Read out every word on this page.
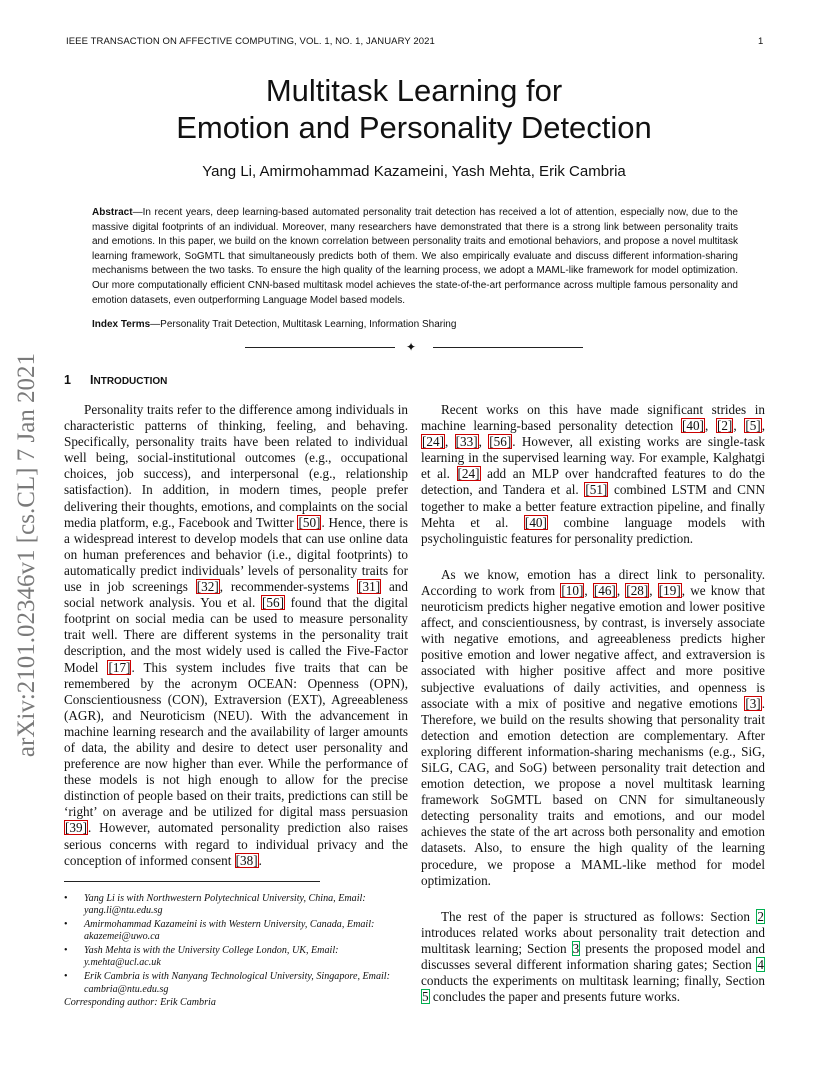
IEEE TRANSACTION ON AFFECTIVE COMPUTING, VOL. 1, NO. 1, JANUARY 2021	1
Multitask Learning for
Emotion and Personality Detection
Yang Li, Amirmohammad Kazameini, Yash Mehta, Erik Cambria
Abstract—In recent years, deep learning-based automated personality trait detection has received a lot of attention, especially now, due to the massive digital footprints of an individual. Moreover, many researchers have demonstrated that there is a strong link between personality traits and emotions. In this paper, we build on the known correlation between personality traits and emotional behaviors, and propose a novel multitask learning framework, SoGMTL that simultaneously predicts both of them. We also empirically evaluate and discuss different information-sharing mechanisms between the two tasks. To ensure the high quality of the learning process, we adopt a MAML-like framework for model optimization. Our more computationally efficient CNN-based multitask model achieves the state-of-the-art performance across multiple famous personality and emotion datasets, even outperforming Language Model based models.
Index Terms—Personality Trait Detection, Multitask Learning, Information Sharing
✦
arXiv:2101.02346v1 [cs.CL] 7 Jan 2021	1 INTRODUCTION

Personality traits refer to the difference among individuals in characteristic patterns of thinking, feeling, and behaving. Specifically, personality traits have been related to individual well being, social-institutional outcomes (e.g., occupational choices, job success), and interpersonal (e.g., relationship satisfaction). In addition, in modern times, people prefer delivering their thoughts, emotions, and complaints on the social media platform, e.g., Facebook and Twitter [50]. Hence, there is a widespread interest to develop models that can use online data on human preferences and behavior (i.e., digital footprints) to automatically predict individuals’ levels of personality traits for use in job screenings [32], recommender-systems [31] and social network analysis. You et al. [56] found that the digital footprint on social media can be used to measure personality trait well. There are different systems in the personality trait description, and the most widely used is called the Five-Factor Model [17]. This system includes five traits that can be remembered by the acronym OCEAN: Openness (OPN), Conscientiousness (CON), Extraversion (EXT), Agreeableness (AGR), and Neuroticism (NEU). With the advancement in machine learning research and the availability of larger amounts of data, the ability and desire to detect user personality and preference are now higher than ever. While the performance of these models is not high enough to allow for the precise distinction of people based on their traits, predictions can still be ‘right’ on average and be utilized for digital mass persuasion [39]. However, automated personality prediction also raises serious concerns with regard to individual privacy and the conception of informed consent [38].

• Yang Li is with Northwestern Polytechnical University, China, Email: yang.li@ntu.edu.sg
• Amirmohammad Kazameini is with Western University, Canada, Email: akazemei@uwo.ca
• Yash Mehta is with the University College London, UK, Email: y.mehta@ucl.ac.uk
• Erik Cambria is with Nanyang Technological University, Singapore, Email: cambria@ntu.edu.sg
Corresponding author: Erik Cambria

Recent works on this have made significant strides in machine learning-based personality detection [40], [2], [5], [24], [33], [56]. However, all existing works are single-task learning in the supervised learning way. For example, Kalghatgi et al. [24] add an MLP over handcrafted features to do the detection, and Tandera et al. [51] combined LSTM and CNN together to make a better feature extraction pipeline, and finally Mehta et al. [40] combine language models with psycholinguistic features for personality prediction.

As we know, emotion has a direct link to personality. According to work from [10], [46], [28], [19], we know that neuroticism predicts higher negative emotion and lower positive affect, and conscientiousness, by contrast, is inversely associate with negative emotions, and agreeableness predicts higher positive emotion and lower negative affect, and extraversion is associated with higher positive affect and more positive subjective evaluations of daily activities, and openness is associate with a mix of positive and negative emotions [3]. Therefore, we build on the results showing that personality trait detection and emotion detection are complementary. After exploring different information-sharing mechanisms (e.g., SiG, SiLG, CAG, and SoG) between personality trait detection and emotion detection, we propose a novel multitask learning framework SoGMTL based on CNN for simultaneously detecting personality traits and emotions, and our model achieves the state of the art across both personality and emotion datasets. Also, to ensure the high quality of the learning procedure, we propose a MAML-like method for model optimization.

The rest of the paper is structured as follows: Section 2 introduces related works about personality trait detection and multitask learning; Section 3 presents the proposed model and discusses several different information sharing gates; Section 4 conducts the experiments on multitask learning; finally, Section 5 concludes the paper and presents future works.
